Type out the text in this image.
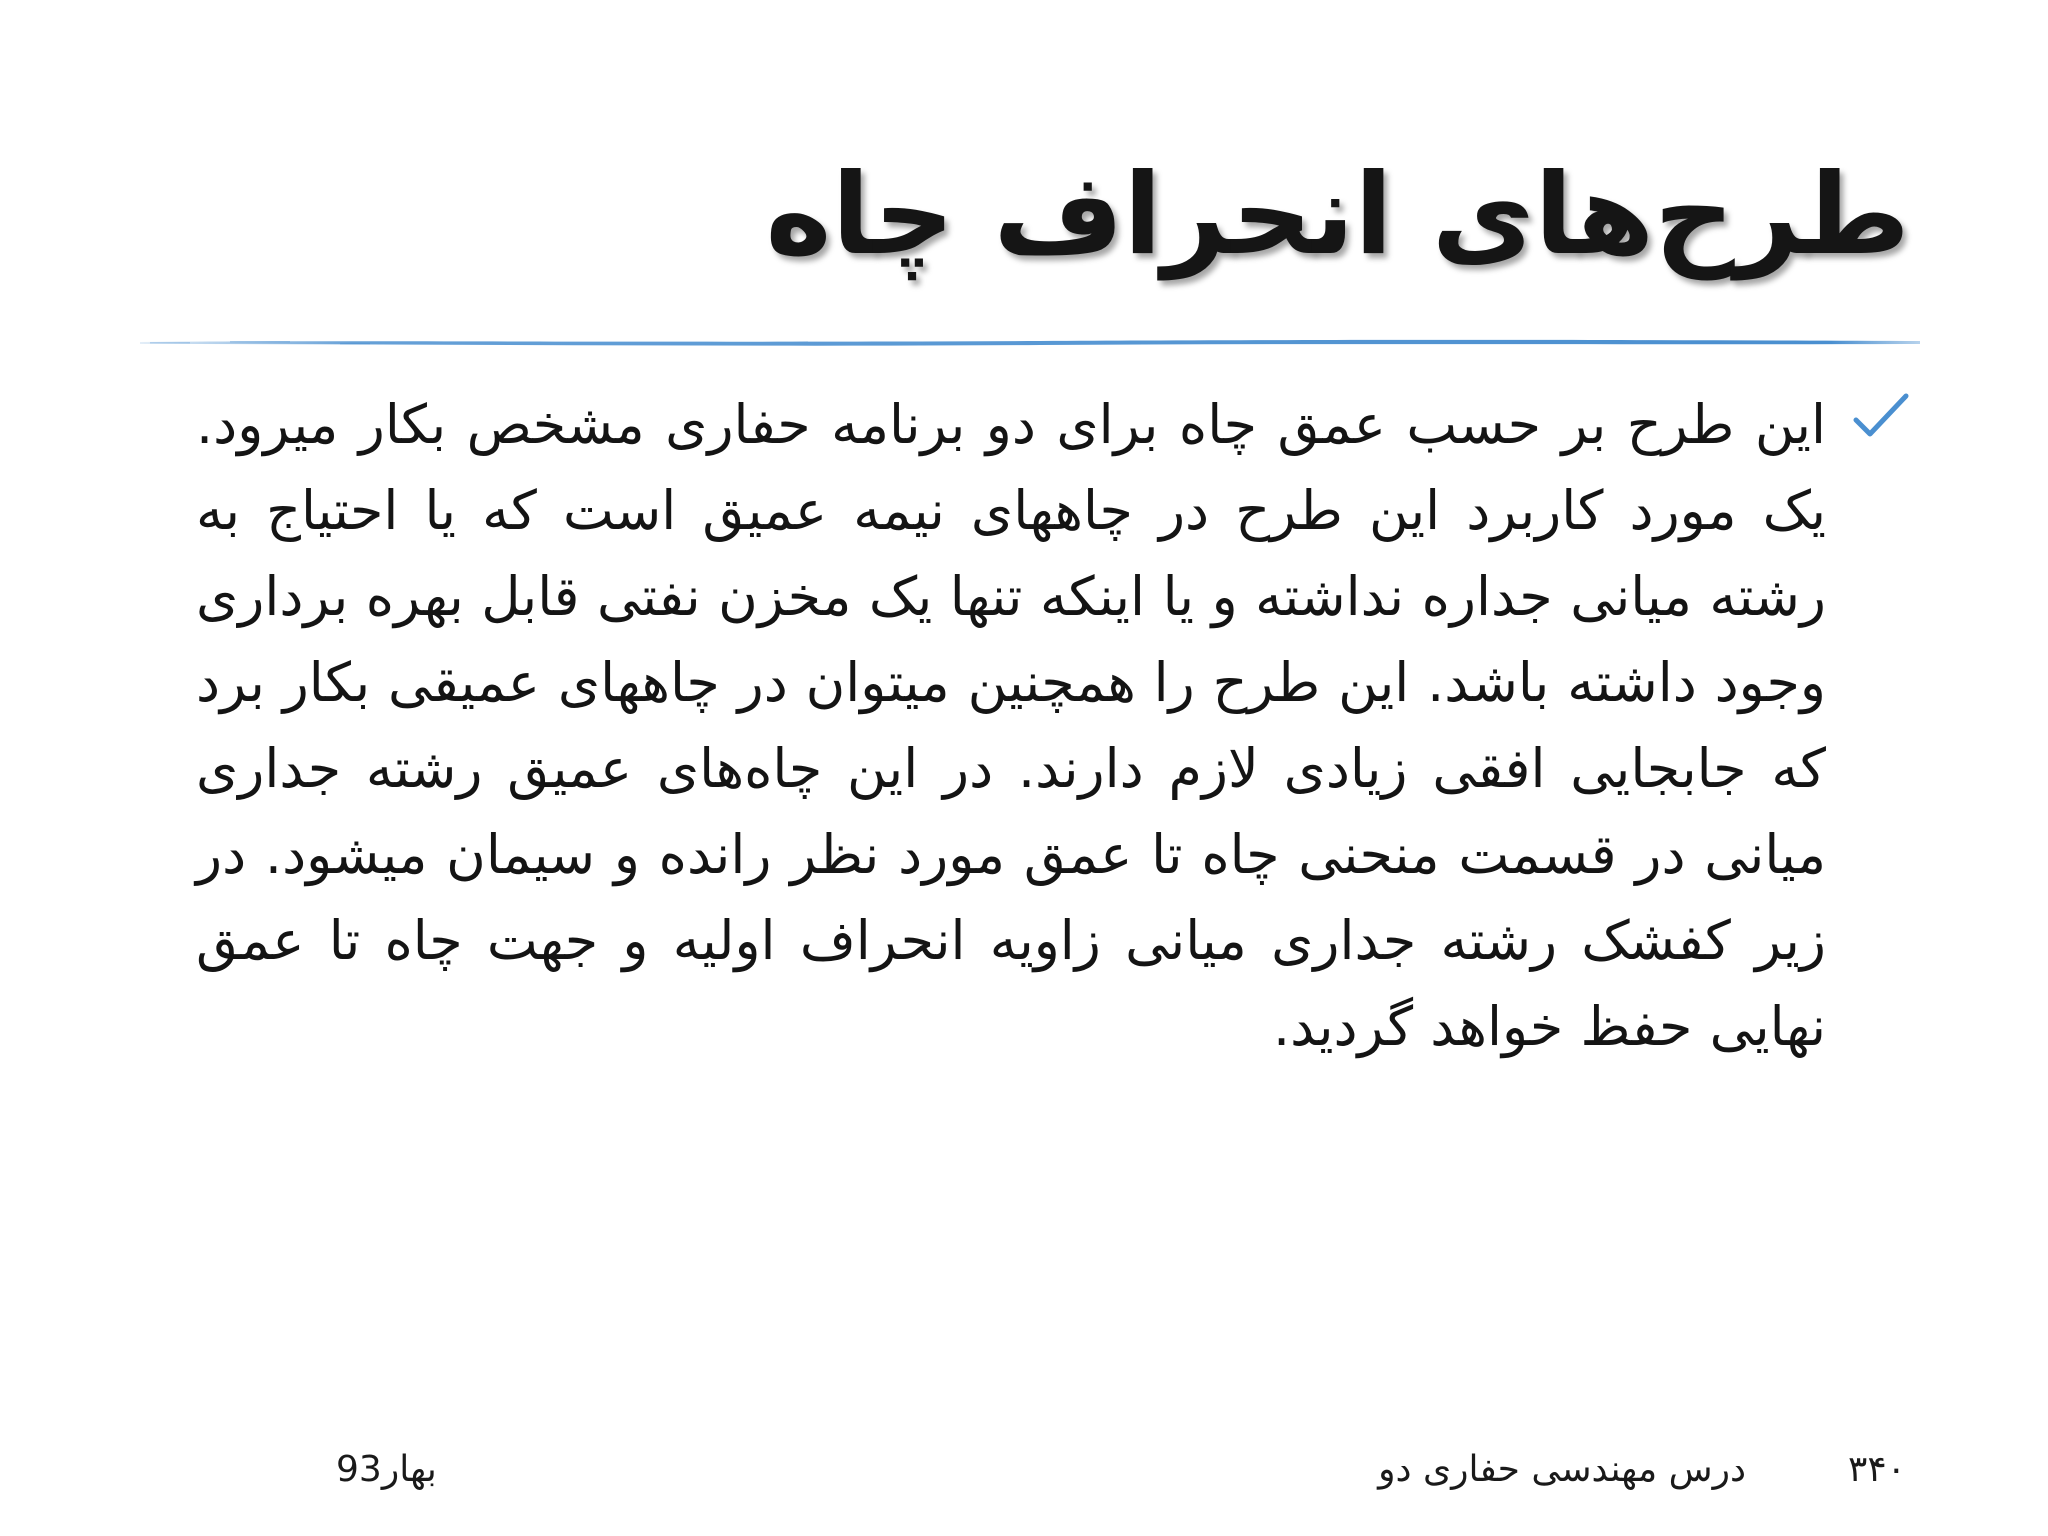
طرح‌های انحراف چاه
این طرح بر حسب عمق چاه برای دو برنامه حفاری مشخص بکار میرود. یک مورد کاربرد این طرح در چاههای نیمه عمیق است که یا احتیاج به رشته میانی جداره نداشته و یا اینکه تنها یک مخزن نفتی قابل بهره برداری وجود داشته باشد. این طرح را همچنین میتوان در چاههای عمیقی بکار برد که جابجایی افقی زیادی لازم دارند. در این چاه‌های عمیق رشته جداری میانی در قسمت منحنی چاه تا عمق مورد نظر رانده و سیمان میشود. در زیر کفشک رشته جداری میانی زاویه انحراف اولیه و جهت چاه تا عمق نهایی حفظ خواهد گردید.
۳۴۰
درس مهندسی حفاری دو
بهار93
